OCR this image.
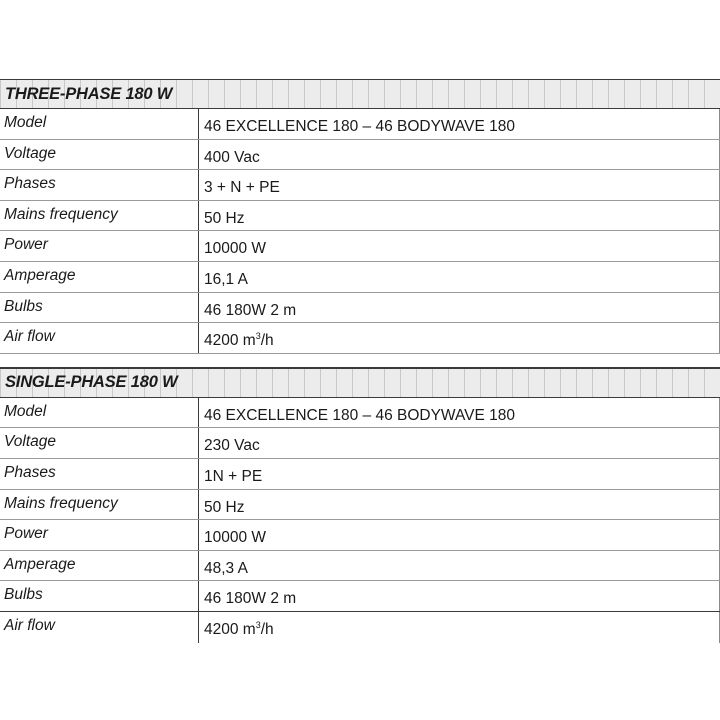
THREE-PHASE 180 W
Model	46 EXCELLENCE 180 – 46 BODYWAVE 180
Voltage	400 Vac
Phases	3 + N + PE
Mains frequency	50 Hz
Power	10000 W
Amperage	16,1 A
Bulbs	46 180W 2 m
Air flow	4200 $m^3/h$
SINGLE-PHASE 180 W
Model	46 EXCELLENCE 180 – 46 BODYWAVE 180
Voltage	230 Vac
Phases	1N + PE
Mains frequency	50 Hz
Power	10000 W
Amperage	48,3 A
Bulbs	46 180W 2 m
Air flow	4200 $m^3/h$
